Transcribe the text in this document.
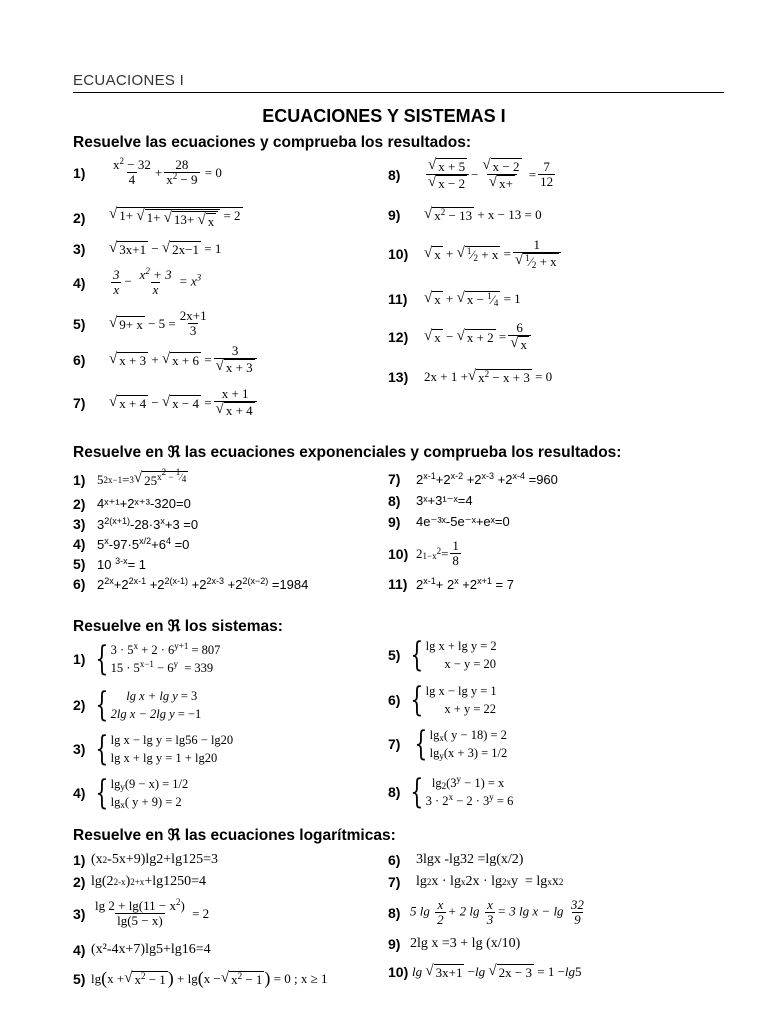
ECUACIONES I
ECUACIONES Y SISTEMAS I
Resuelve las ecuaciones y comprueba los resultados:
1)	$\frac{x^2 - 32}{4} + \frac{28}{x^2 - 9} = 0$
2)	√ 1+ √ 1+ √ 13+ √ x = 2
3)	√ 3x+1 − √ 2x−1 = 1
4)	$\frac{3}{x} - \frac{x^2 + 3}{x} = x^3$
5)	√ $9+ x - 5 = \frac{2x+1}{3}$
6)	√ x + 3 + √ $x + 6 = \frac{3}{√ x + 3}$
7)	√ x + 4 − √ $x - 4 = \frac{x + 1}{√ x + 4}$
8)	$\frac{√ x + 5}{√ x - 2} - \frac{√ x - 2}{√ x+} = \frac{7}{12}$
9)	√ $x^2 - 13 + x - 13 = 0$
10)	√ x + √ $^1⁄_2 + x = \frac{1}{√ ^1⁄_2 + x}$
11)	√ x + √ $x - ^1⁄_4 = 1$
12)	√ x − √ $x + 2 = \frac{6}{√ x}$
13)	2x + 1 + √ $x^2 - x + 3 = 0$
Resuelve en ℜ las ecuaciones exponenciales y comprueba los resultados:
1) 5 2x−1 = 3 √ $25^{x^2 - ^1⁄_4}$
2) 4ˣ⁺¹+2ˣ⁺³-320=0
3) $3^{2(x+1)}-28\cdot 3^x+3 =0$
4) $5^x-97\cdot 5^{x/2}+6^4 =0$
5) 10 $^{3-x}$= 1
6) $2^{2x}+2^{2x-1} +2^{2(x-1)} +2^{2x-3} +2^{2(x-2)} =1984$
7)	$2^{x-1}+2^{x-2} +2^{x-3} +2^{x-4} =960$
8)	3ˣ+3¹⁻ˣ=4
9)	4e⁻³ˣ-5e⁻ˣ+eˣ=0
10) 2 $1-x^2 = \frac{1}{8}$
11) $2^{x-1}+ 2^x +2^{x+1} = 7$
Resuelve en ℜ los sistemas:
1) { $3 \cdot 5^x + 2 \cdot 6^{y+1} = 807$
$15 \cdot 5^{x-1} - 6^y = 339$
2) { lg x + lg y = 3
2lg x − 2lg y = −1
3) { lg x − lg y = lg56 − lg20
lg x + lg y = 1 + lg20
4) { $\lg_y(9 - x) = 1/2$
$\lg_x$( y + 9) = 2
5) { lg x + lg y = 2
x − y = 20
6) { lg x − lg y = 1
x + y = 22
7) { $\lg_x$( y − 18) = 2
$\lg_y(x + 3) = 1/2$
8) { $\lg_2(3^y - 1) = x$
$3 \cdot 2^x - 2 \cdot 3^y = 6$
Resuelve en ℜ las ecuaciones logarítmicas:
1) (x 2 -5x+9)lg2+lg125=3
2) lg(2 2-x ) 2+x +lg1250=4
$3) \frac{\lg 2 + \lg(11 - x^2)}{\lg(5 - x)} = 2$
4) (x²-4x+7)lg5+lg16=4
5) lg ( x + √ $x^2 - 1$ ) + lg ( x − √ $x^2 - 1$ ) = 0 ; x ≥ 1
6)	3lgx -lg32 =lg(x/2)
7)	lg 2 x · lg x 2x · lg 2x y  = lg x x 2
8) 5 $\lg \frac{x}{2} + 2$ $\lg \frac{x}{3} = 3$ $\lg x - \lg \frac{32}{9}$
9) 2lg x =3 + lg (x/10)
10) lg
√ 3x+1 − lg
√ 2x − 3 = 1 − lg 5
